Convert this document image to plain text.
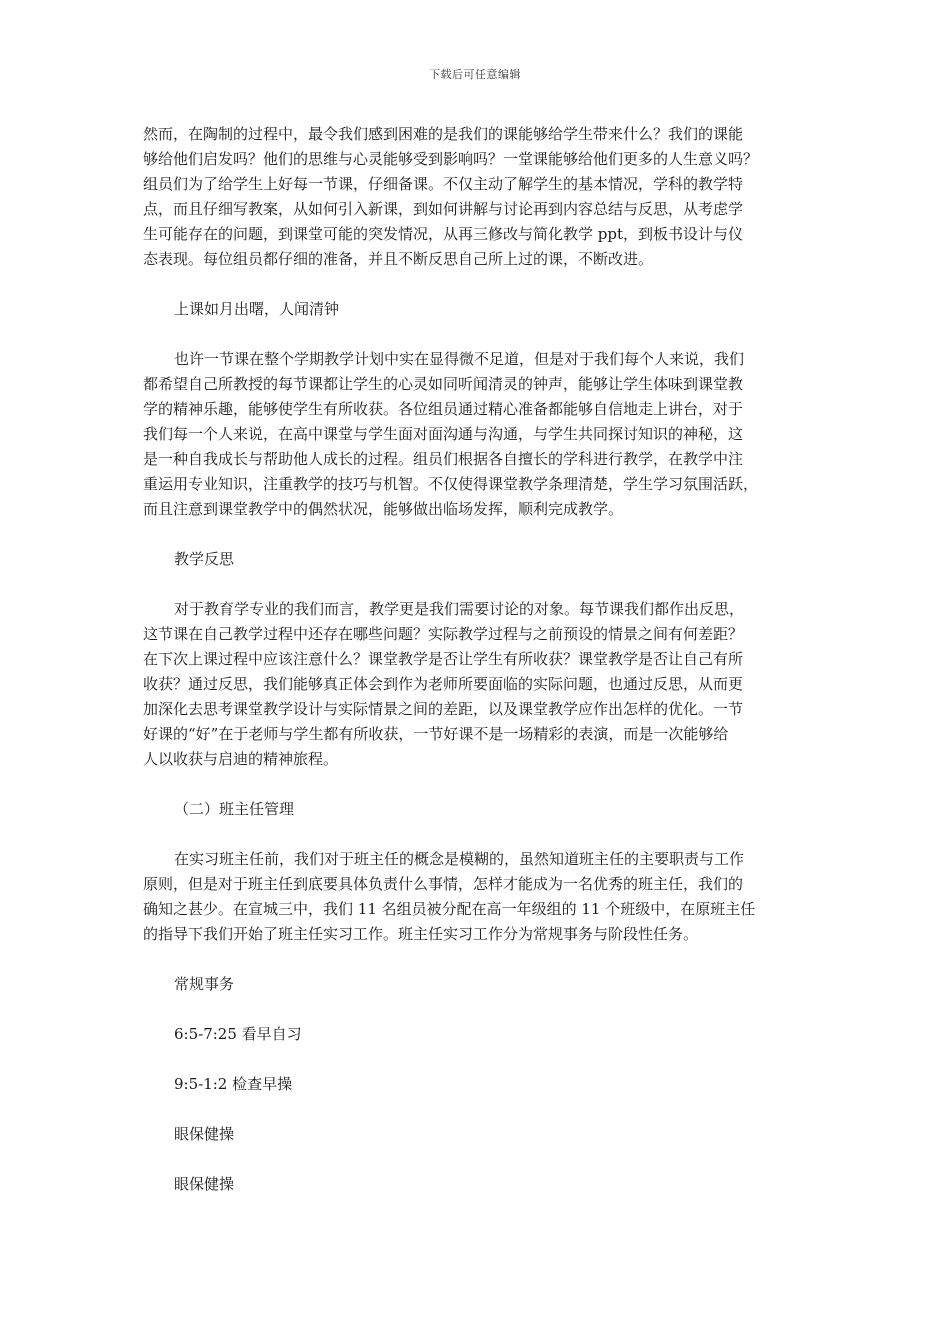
下载后可任意编辑

然而，在陶制的过程中，最令我们感到困难的是我们的课能够给学生带来什么？我们的课能
够给他们启发吗？他们的思维与心灵能够受到影响吗？一堂课能够给他们更多的人生意义吗？
组员们为了给学生上好每一节课，仔细备课。不仅主动了解学生的基本情况，学科的教学特
点，而且仔细写教案，从如何引入新课，到如何讲解与讨论再到内容总结与反思，从考虑学
生可能存在的问题，到课堂可能的突发情况，从再三修改与简化教学 ppt，到板书设计与仪
态表现。每位组员都仔细的准备，并且不断反思自己所上过的课，不断改进。

上课如月出曙，人闻清钟

也许一节课在整个学期教学计划中实在显得微不足道，但是对于我们每个人来说，我们
都希望自己所教授的每节课都让学生的心灵如同听闻清灵的钟声，能够让学生体味到课堂教
学的精神乐趣，能够使学生有所收获。各位组员通过精心准备都能够自信地走上讲台，对于
我们每一个人来说，在高中课堂与学生面对面沟通与沟通，与学生共同探讨知识的神秘，这
是一种自我成长与帮助他人成长的过程。组员们根据各自擅长的学科进行教学，在教学中注
重运用专业知识，注重教学的技巧与机智。不仅使得课堂教学条理清楚，学生学习氛围活跃，
而且注意到课堂教学中的偶然状况，能够做出临场发挥，顺利完成教学。

教学反思

对于教育学专业的我们而言，教学更是我们需要讨论的对象。每节课我们都作出反思，
这节课在自己教学过程中还存在哪些问题？实际教学过程与之前预设的情景之间有何差距？
在下次上课过程中应该注意什么？课堂教学是否让学生有所收获？课堂教学是否让自己有所
收获？通过反思，我们能够真正体会到作为老师所要面临的实际问题，也通过反思，从而更
加深化去思考课堂教学设计与实际情景之间的差距，以及课堂教学应作出怎样的优化。一节
好课的“好”在于老师与学生都有所收获，一节好课不是一场精彩的表演，而是一次能够给
人以收获与启迪的精神旅程。

（二）班主任管理

在实习班主任前，我们对于班主任的概念是模糊的，虽然知道班主任的主要职责与工作
原则，但是对于班主任到底要具体负责什么事情，怎样才能成为一名优秀的班主任，我们的
确知之甚少。在宣城三中，我们 11 名组员被分配在高一年级组的 11 个班级中，在原班主任
的指导下我们开始了班主任实习工作。班主任实习工作分为常规事务与阶段性任务。

常规事务

6:5-7:25 看早自习

9:5-1:2 检查早操

眼保健操

眼保健操
